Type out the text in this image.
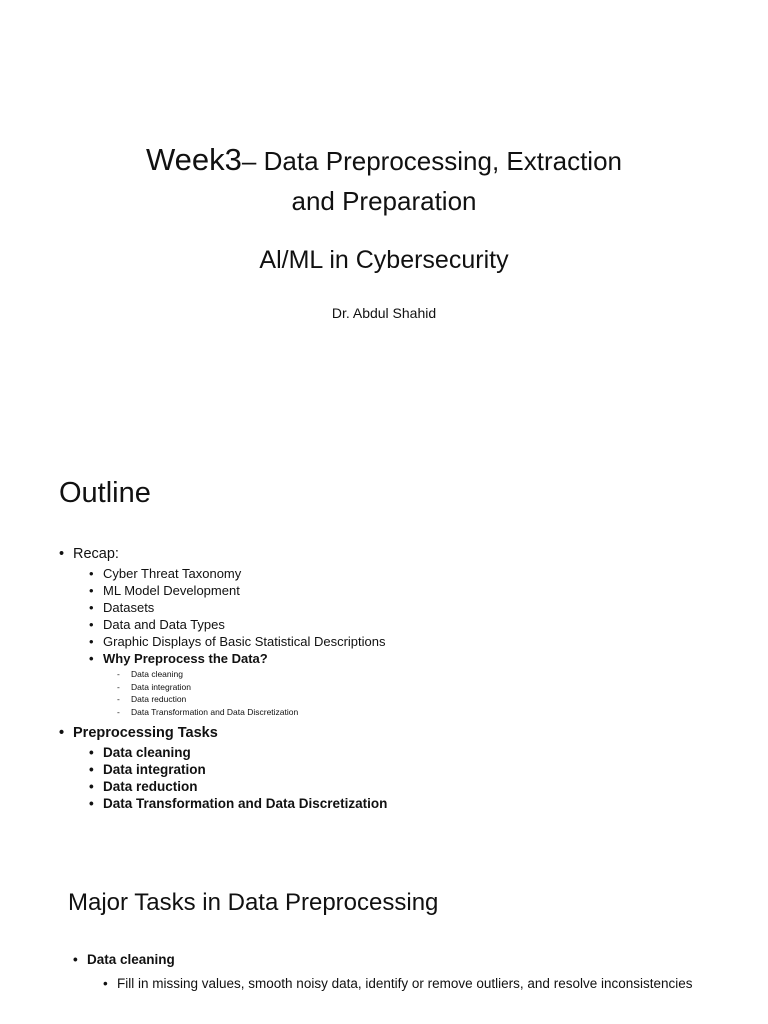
Week3– Data Preprocessing, Extraction
and Preparation
Al/ML in Cybersecurity
Dr. Abdul Shahid
Outline
• Recap:
• Cyber Threat Taxonomy
• ML Model Development
• Datasets
• Data and Data Types
• Graphic Displays of Basic Statistical Descriptions
• Why Preprocess the Data?
- Data cleaning
- Data integration
- Data reduction
- Data Transformation and Data Discretization
• Preprocessing Tasks
• Data cleaning
• Data integration
• Data reduction
• Data Transformation and Data Discretization
Major Tasks in Data Preprocessing
• Data cleaning
• Fill in missing values, smooth noisy data, identify or remove outliers, and resolve inconsistencies
